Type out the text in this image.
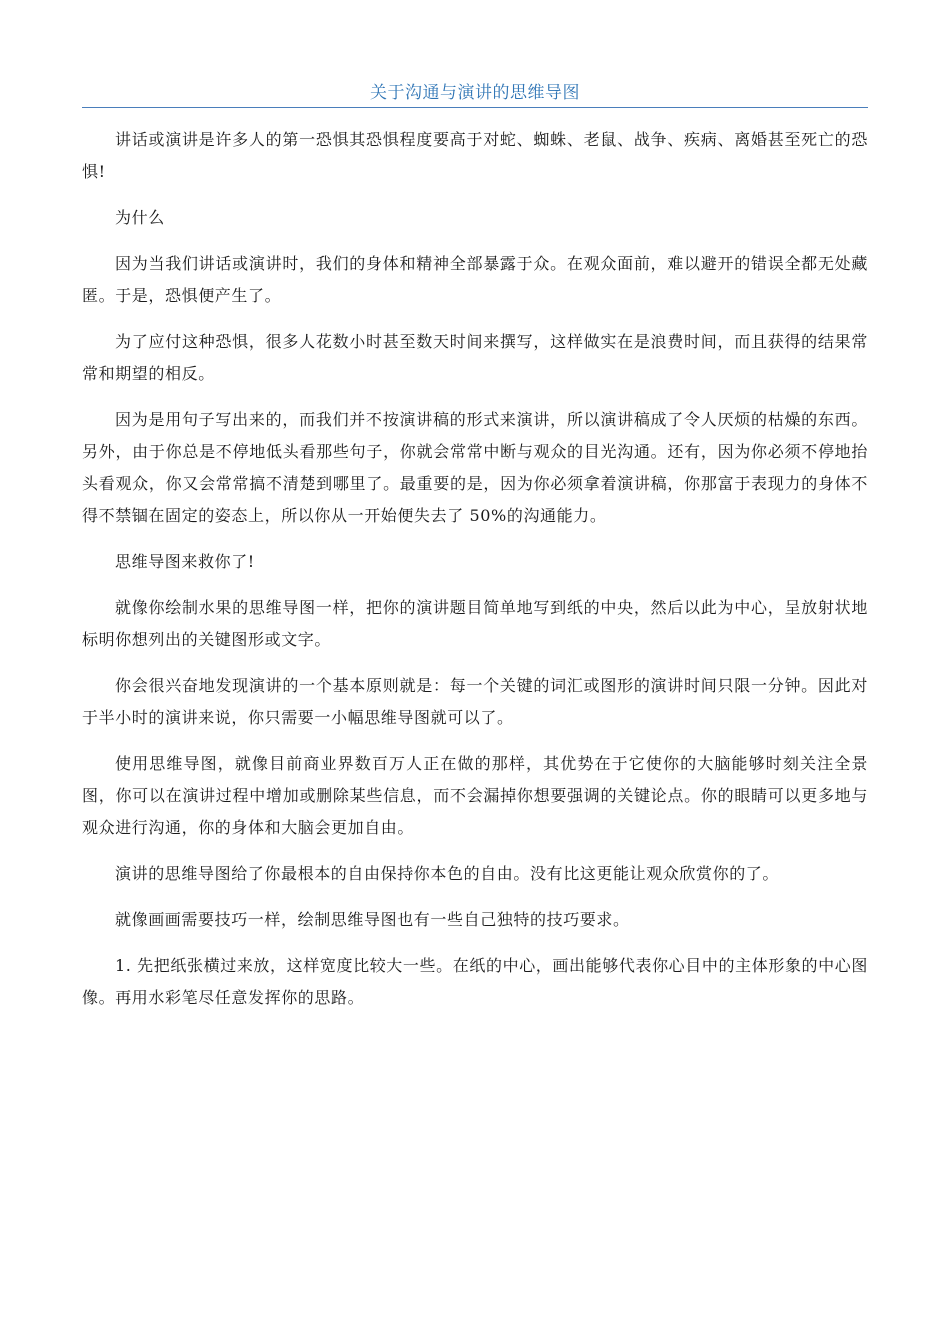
关于沟通与演讲的思维导图

讲话或演讲是许多人的第一恐惧其恐惧程度要高于对蛇、蜘蛛、老鼠、战争、疾病、离婚甚至死亡的恐惧!

为什么

因为当我们讲话或演讲时，我们的身体和精神全部暴露于众。在观众面前，难以避开的错误全都无处藏匿。于是，恐惧便产生了。

为了应付这种恐惧，很多人花数小时甚至数天时间来撰写，这样做实在是浪费时间，而且获得的结果常常和期望的相反。

因为是用句子写出来的，而我们并不按演讲稿的形式来演讲，所以演讲稿成了令人厌烦的枯燥的东西。另外，由于你总是不停地低头看那些句子，你就会常常中断与观众的目光沟通。还有，因为你必须不停地抬头看观众，你又会常常搞不清楚到哪里了。最重要的是，因为你必须拿着演讲稿，你那富于表现力的身体不得不禁锢在固定的姿态上，所以你从一开始便失去了 50%的沟通能力。

思维导图来救你了!

就像你绘制水果的思维导图一样，把你的演讲题目简单地写到纸的中央，然后以此为中心，呈放射状地标明你想列出的关键图形或文字。

你会很兴奋地发现演讲的一个基本原则就是：每一个关键的词汇或图形的演讲时间只限一分钟。因此对于半小时的演讲来说，你只需要一小幅思维导图就可以了。

使用思维导图，就像目前商业界数百万人正在做的那样，其优势在于它使你的大脑能够时刻关注全景图，你可以在演讲过程中增加或删除某些信息，而不会漏掉你想要强调的关键论点。你的眼睛可以更多地与观众进行沟通，你的身体和大脑会更加自由。

演讲的思维导图给了你最根本的自由保持你本色的自由。没有比这更能让观众欣赏你的了。

就像画画需要技巧一样，绘制思维导图也有一些自己独特的技巧要求。

1. 先把纸张横过来放，这样宽度比较大一些。在纸的中心，画出能够代表你心目中的主体形象的中心图像。再用水彩笔尽任意发挥你的思路。
